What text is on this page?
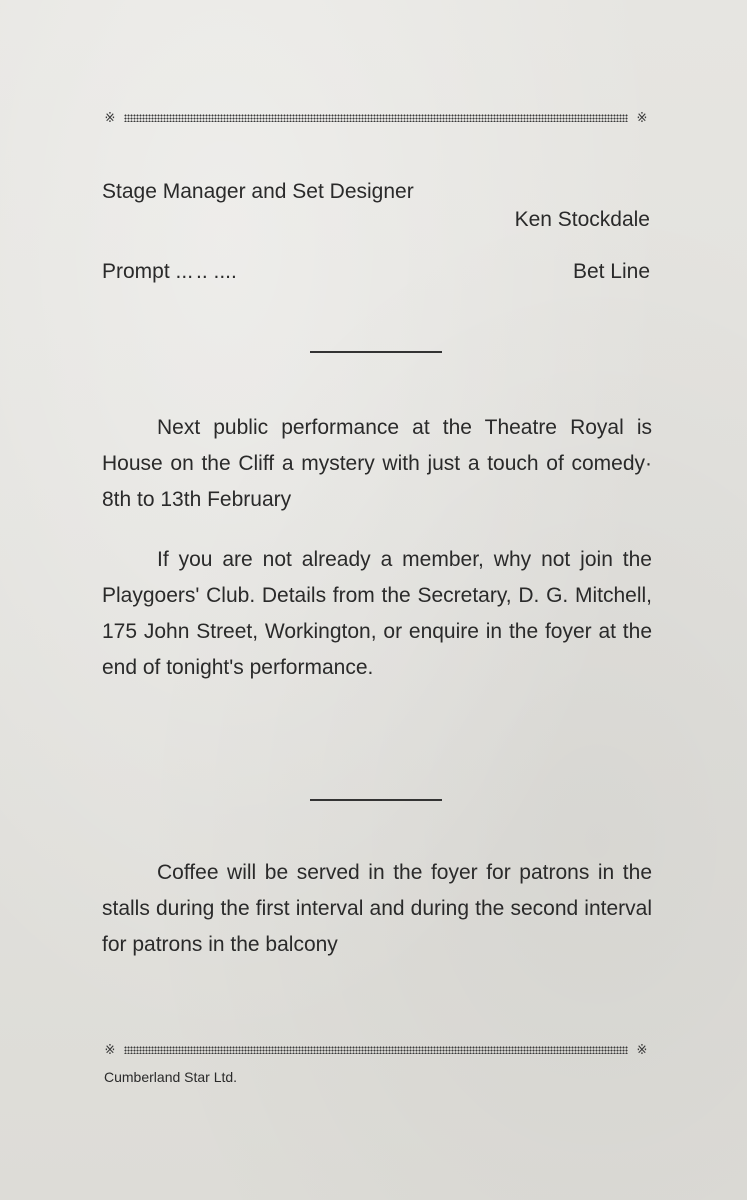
※	※
Stage Manager and Set Designer
Ken Stockdale
Prompt ... .. ....	Bet Line
Next public performance at the Theatre Royal is House on the Cliff a mystery with just a touch of comedy· 8th to 13th February
If you are not already a member, why not join the Playgoers' Club. Details from the Secretary, D. G. Mitchell, 175 John Street, Workington, or enquire in the foyer at the end of tonight's performance.
Coffee will be served in the foyer for patrons in the stalls during the first interval and during the second interval for patrons in the balcony
※	※
Cumberland Star Ltd.
